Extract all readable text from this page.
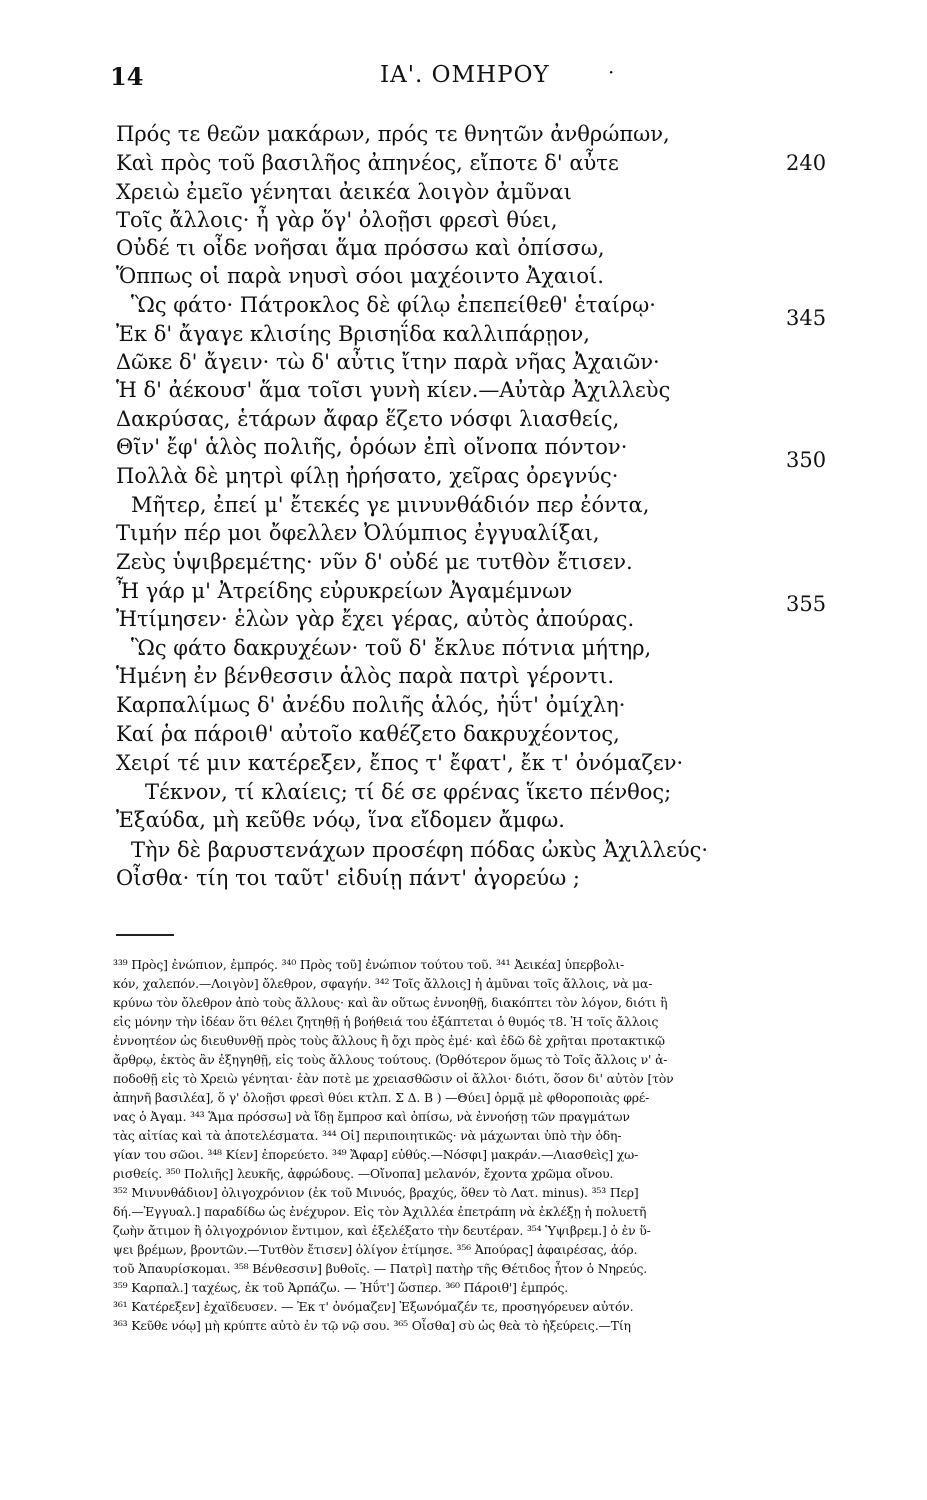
14	ΙΑ'. ΟΜΗΡΟΥ	·
Πρός τε θεῶν μακάρων, πρός τε θνητῶν ἀνθρώπων,
Καὶ πρὸς τοῦ βασιλῆος ἀπηνέος, εἴποτε δ' αὖτε
Χρειὼ ἐμεῖο γένηται ἀεικέα λοιγὸν ἀμῦναι
Τοῖς ἄλλοις· ἦ γὰρ ὅγ' ὀλοῇσι φρεσὶ θύει,
Οὐδέ τι οἶδε νοῆσαι ἅμα πρόσσω καὶ ὀπίσσω,
Ὅππως οἱ παρὰ νηυσὶ σόοι μαχέοιντο Ἀχαιοί.
Ὣς φάτο· Πάτροκλος δὲ φίλῳ ἐπεπείθεθ' ἑταίρῳ·
Ἐκ δ' ἄγαγε κλισίης Βρισηΐδα καλλιπάρῃον,
Δῶκε δ' ἄγειν· τὼ δ' αὖτις ἴτην παρὰ νῆας Ἀχαιῶν·
Ἡ δ' ἀέκουσ' ἅμα τοῖσι γυνὴ κίεν.—Αὐτὰρ Ἀχιλλεὺς
Δακρύσας, ἑτάρων ἄφαρ ἕζετο νόσφι λιασθείς,
Θῖν' ἔφ' ἁλὸς πολιῆς, ὁρόων ἐπὶ οἴνοπα πόντον·
Πολλὰ δὲ μητρὶ φίλῃ ἠρήσατο, χεῖρας ὀρεγνύς·
Μῆτερ, ἐπεί μ' ἔτεκές γε μινυνθάδιόν περ ἐόντα,
Τιμήν πέρ μοι ὄφελλεν Ὀλύμπιος ἐγγυαλίξαι,
Ζεὺς ὑψιβρεμέτης· νῦν δ' οὐδέ με τυτθὸν ἔτισεν.
Ἦ γάρ μ' Ἀτρείδης εὐρυκρείων Ἀγαμέμνων
Ἠτίμησεν· ἑλὼν γὰρ ἔχει γέρας, αὐτὸς ἀπούρας.
Ὣς φάτο δακρυχέων· τοῦ δ' ἔκλυε πότνια μήτηρ,
Ἡμένη ἐν βένθεσσιν ἁλὸς παρὰ πατρὶ γέροντι.
Καρπαλίμως δ' ἀνέδυ πολιῆς ἁλός, ἠΰτ' ὀμίχλη·
Καί ῥα πάροιθ' αὐτοῖο καθέζετο δακρυχέοντος,
Χειρί τέ μιν κατέρεξεν, ἔπος τ' ἔφατ', ἔκ τ' ὀνόμαζεν·
Τέκνον, τί κλαίεις; τί δέ σε φρένας ἵκετο πένθος;
Ἐξαύδα, μὴ κεῦθε νόῳ, ἵνα εἴδομεν ἄμφω.
Τὴν δὲ βαρυστενάχων προσέφη πόδας ὠκὺς Ἀχιλλεύς·
Οἶσθα· τίη τοι ταῦτ' εἰδυίῃ πάντ' ἀγορεύω ;
240
345
350
355
³³⁹ Πρὸς] ἐνώπιον, ἐμπρός. ³⁴⁰ Πρὸς τοῦ] ἐνώπιον τούτου τοῦ. ³⁴¹ Ἀεικέα] ὑπερβολι-
κόν, χαλεπόν.—Λοιγὸν] ὄλεθρον, σφαγήν. ³⁴² Τοῖς ἄλλοις] ἡ ἀμῦναι τοῖς ἄλλοις, νὰ μα-
κρύνω τὸν ὄλεθρον ἀπὸ τοὺς ἄλλους· καὶ ἂν οὕτως ἐννοηθῇ, διακόπτει τὸν λόγον, διότι ἢ
εἰς μόνην τὴν ἰδέαν ὅτι θέλει ζητηθῇ ἡ βοήθειά του ἐξάπτεται ὁ θυμός τ8. Ἡ τοῖς ἄλλοις
ἐννοητέον ὡς διευθυνθῇ πρὸς τοὺς ἄλλους ἢ ὄχι πρὸς ἐμέ· καὶ ἐδῶ δὲ χρῆται προτακτικῷ
ἄρθρῳ, ἐκτὸς ἂν ἐξηγηθῇ, εἰς τοὺς ἄλλους τούτους. (Ὀρθότερον ὅμως τὸ Τοῖς ἄλλοις ν' ἀ-
ποδοθῇ εἰς τὸ Χρειὼ γένηται· ἐὰν ποτὲ με χρειασθῶσιν οἱ ἄλλοι· διότι, ὅσον δι' αὐτὸν [τὸν
ἀπηνῆ βασιλέα], ὅ γ' ὀλοῇσι φρεσὶ θύει κτλπ. Σ Δ. Β ) —Θύει] ὁρμᾷ μὲ φθοροποιὰς φρέ-
νας ὁ Ἀγαμ. ³⁴³ Ἅμα πρόσσω] νὰ ἴδῃ ἔμπροσ καὶ ὀπίσω, νὰ ἐννοήσῃ τῶν πραγμάτων
τὰς αἰτίας καὶ τὰ ἀποτελέσματα. ³⁴⁴ Οἱ] περιποιητικῶς· νὰ μάχωνται ὑπὸ τὴν ὁδη-
γίαν του σῶοι. ³⁴⁸ Κίεν] ἐπορεύετο. ³⁴⁹ Ἄφαρ] εὐθύς.—Νόσφι] μακράν.—Λιασθεὶς] χω-
ρισθείς. ³⁵⁰ Πολιῆς] λευκῆς, ἀφρώδους. —Οἴνοπα] μελανόν, ἔχοντα χρῶμα οἴνου.
³⁵² Μινυνθάδιον] ὀλιγοχρόνιον (ἐκ τοῦ Μινυός, βραχύς, ὅθεν τὸ Λατ. minus). ³⁵³ Περ]
δή.—Ἐγγυαλ.] παραδίδω ὡς ἐνέχυρον. Εἰς τὸν Ἀχιλλέα ἐπετράπη νὰ ἐκλέξῃ ἡ πολυετῆ
ζωὴν ἄτιμον ἢ ὀλιγοχρόνιον ἔντιμον, καὶ ἐξελέξατο τὴν δευτέραν. ³⁵⁴ Ὑψιβρεμ.] ὁ ἐν ὕ-
ψει βρέμων, βροντῶν.—Τυτθὸν ἔτισεν] ὀλίγον ἐτίμησε. ³⁵⁶ Ἀπούρας] ἀφαιρέσας, ἀόρ.
τοῦ Ἀπαυρίσκομαι. ³⁵⁸ Βένθεσσιν] βυθοῖς. — Πατρὶ] πατὴρ τῆς Θέτιδος ἦτον ὁ Νηρεύς.
³⁵⁹ Καρπαλ.] ταχέως, ἐκ τοῦ Ἀρπάζω. — Ἠΰτ'] ὥσπερ. ³⁶⁰ Πάροιθ'] ἐμπρός.
³⁶¹ Κατέρεξεν] ἐχαϊδευσεν. — Ἐκ τ' ὀνόμαζεν] Ἐξωνόμαζέν τε, προσηγόρευεν αὐτόν.
³⁶³ Κεῦθε νόῳ] μὴ κρύπτε αὐτὸ ἐν τῷ νῷ σου. ³⁶⁵ Οἶσθα] σὺ ὡς θεὰ τὸ ἠξεύρεις.—Τίη
